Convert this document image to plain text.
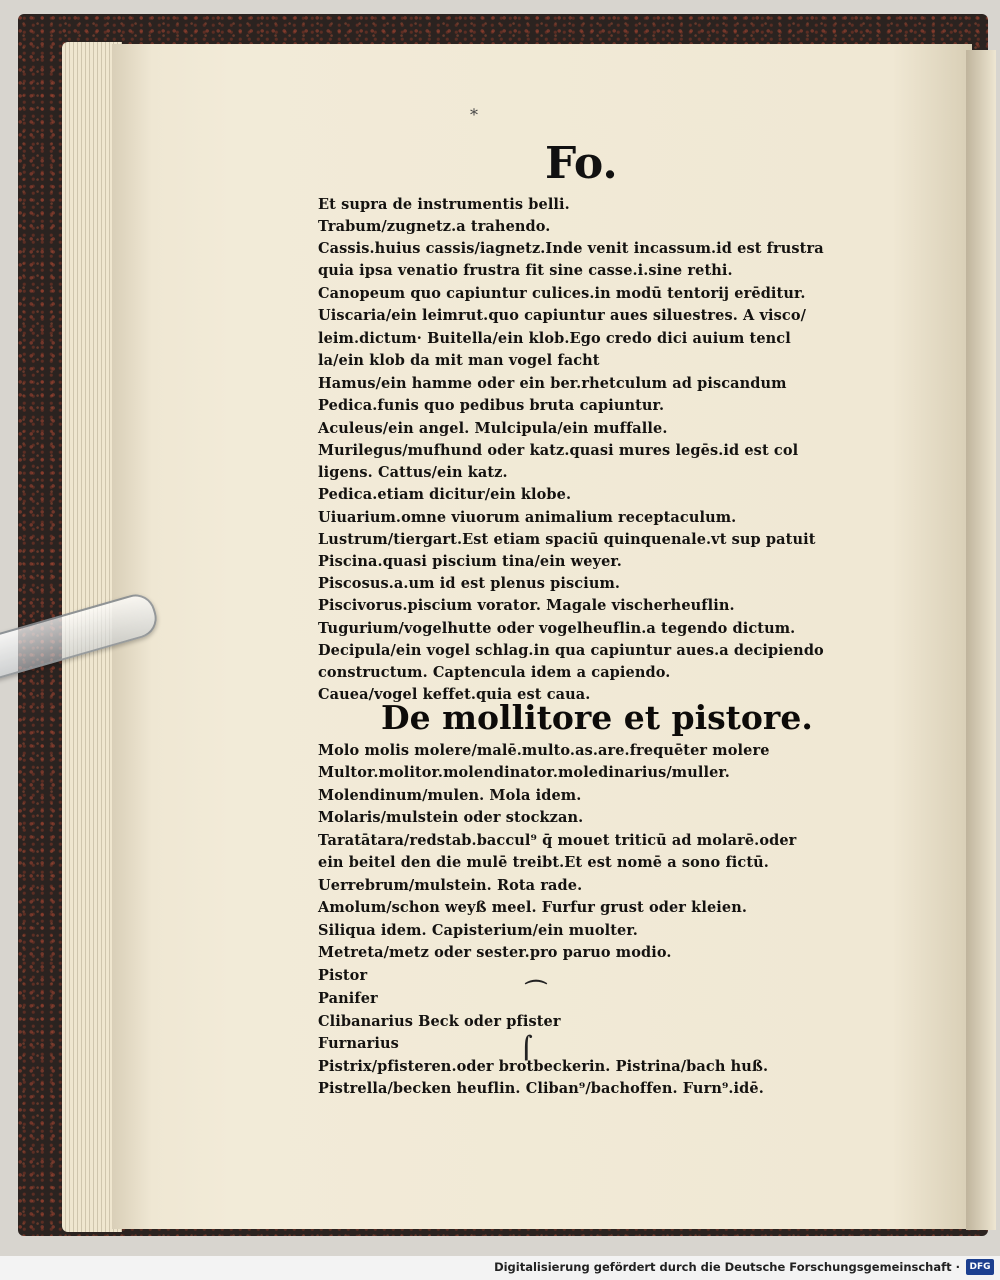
⁎
Fo.
Et supra de instrumentis belli.
Trabum/zugnetz.a trahendo.
Cassis.huius cassis/iagnetz.Inde venit incassum.id est frustra
quia ipsa venatio frustra fit sine casse.i.sine rethi.
Canopeum quo capiuntur culices.in modū tentorij erēditur.
Uiscaria/ein leimrut.quo capiuntur aues siluestres. A visco/
leim.dictum· Buitella/ein klob.Ego credo dici auium tencl
la/ein klob da mit man vogel facht
Hamus/ein hamme oder ein ber.rhetculum ad piscandum
Pedica.funis quo pedibus bruta capiuntur.
Aculeus/ein angel. Mulcipula/ein muffalle.
Murilegus/mufhund oder katz.quasi mures legēs.id est col
ligens. Cattus/ein katz.
Pedica.etiam dicitur/ein klobe.
Uiuarium.omne viuorum animalium receptaculum.
Lustrum/tiergart.Est etiam spaciū quinquenale.vt sup patuit
Piscina.quasi piscium tina/ein weyer.
Piscosus.a.um id est plenus piscium.
Piscivorus.piscium vorator. Magale vischerheuflin.
Tugurium/vogelhutte oder vogelheuflin.a tegendo dictum.
Decipula/ein vogel schlag.in qua capiuntur aues.a decipiendo
constructum. Captencula idem a capiendo.
Cauea/vogel keffet.quia est caua.
De mollitore et pistore.
Molo molis molere/malē.multo.as.are.frequēter molere
Multor.molitor.molendinator.moledinarius/muller.
Molendinum/mulen. Mola idem.
Molaris/mulstein oder stockzan.
Taratātara/redstab.baccul⁹ q̄ mouet triticū ad molarē.oder
ein beitel den die mulē treibt.Et est nomē a sono fictū.
Uerrebrum/mulstein. Rota rade.
Amolum/schon weyß meel. Furfur grust oder kleien.
Siliqua idem. Capisterium/ein muolter.
Metreta/metz oder sester.pro paruo modio.
Pistor
Panifer
Clibanarius Beck oder pfister
Furnarius
Pistrix/pfisteren.oder brotbeckerin. Pistrina/bach huß.
Pistrella/becken heuflin. Cliban⁹/bachoffen. Furn⁹.idē.
⌒
⌠
Digitalisierung gefördert durch die Deutsche Forschungsgemeinschaft ·	DFG
